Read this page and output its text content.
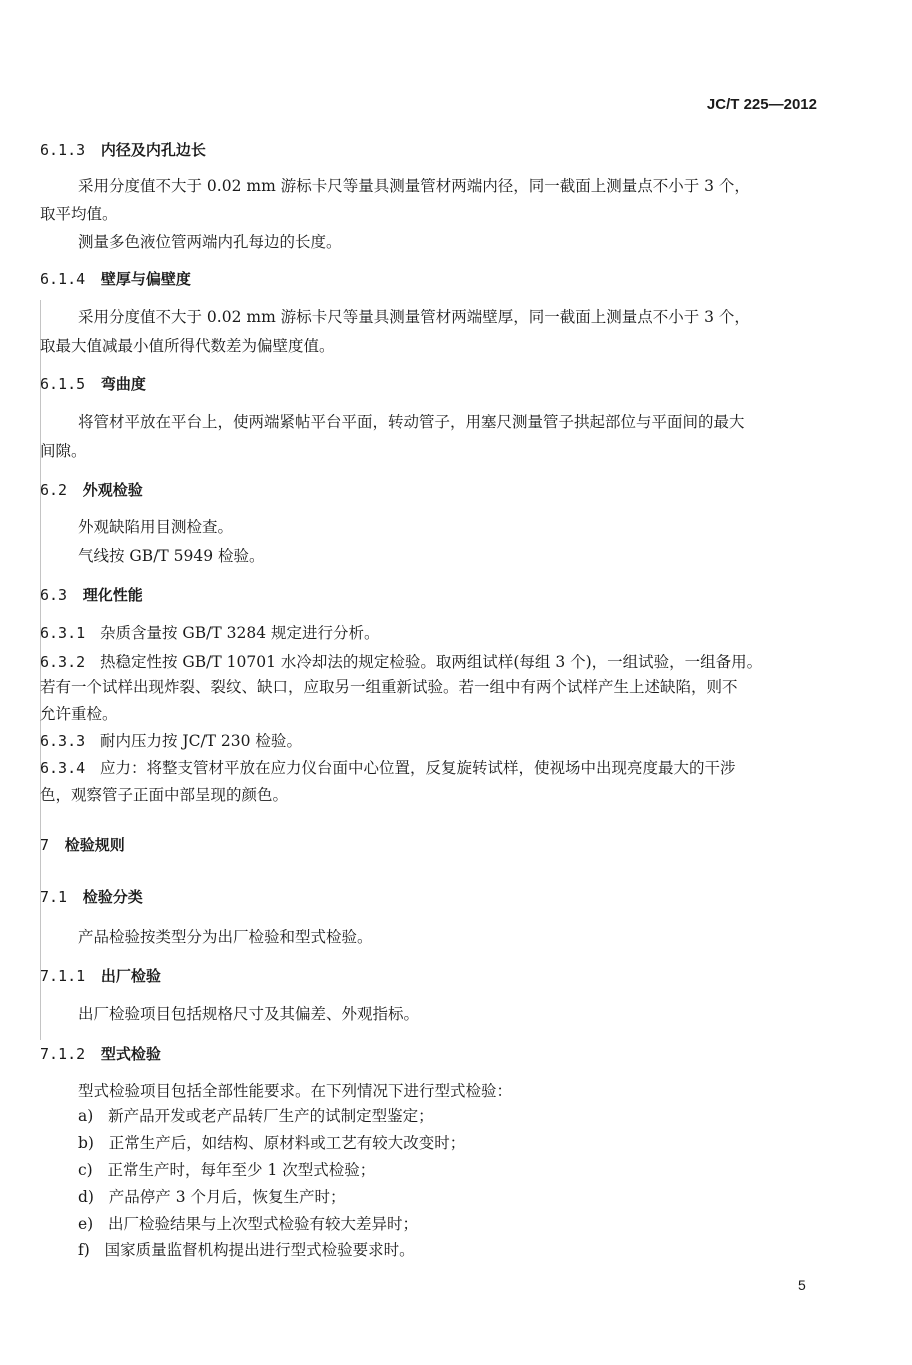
JC/T 225—2012
6.1.3 内径及内孔边长
采用分度值不大于 0.02 mm 游标卡尺等量具测量管材两端内径，同一截面上测量点不小于 3 个，
取平均值。
测量多色液位管两端内孔每边的长度。
6.1.4 壁厚与偏壁度
采用分度值不大于 0.02 mm 游标卡尺等量具测量管材两端壁厚，同一截面上测量点不小于 3 个，
取最大值减最小值所得代数差为偏壁度值。
6.1.5 弯曲度
将管材平放在平台上，使两端紧帖平台平面，转动管子，用塞尺测量管子拱起部位与平面间的最大
间隙。
6.2 外观检验
外观缺陷用目测检查。
气线按 GB/T 5949 检验。
6.3 理化性能
6.3.1 杂质含量按 GB/T 3284 规定进行分析。
6.3.2 热稳定性按 GB/T 10701 水冷却法的规定检验。取两组试样(每组 3 个)，一组试验，一组备用。
若有一个试样出现炸裂、裂纹、缺口，应取另一组重新试验。若一组中有两个试样产生上述缺陷，则不
允许重检。
6.3.3 耐内压力按 JC/T 230 检验。
6.3.4 应力：将整支管材平放在应力仪台面中心位置，反复旋转试样，使视场中出现亮度最大的干涉
色，观察管子正面中部呈现的颜色。
7 检验规则
7.1 检验分类
产品检验按类型分为出厂检验和型式检验。
7.1.1 出厂检验
出厂检验项目包括规格尺寸及其偏差、外观指标。
7.1.2 型式检验
型式检验项目包括全部性能要求。在下列情况下进行型式检验：
a) 新产品开发或老产品转厂生产的试制定型鉴定；
b) 正常生产后，如结构、原材料或工艺有较大改变时；
c) 正常生产时，每年至少 1 次型式检验；
d) 产品停产 3 个月后，恢复生产时；
e) 出厂检验结果与上次型式检验有较大差异时；
f) 国家质量监督机构提出进行型式检验要求时。
5
